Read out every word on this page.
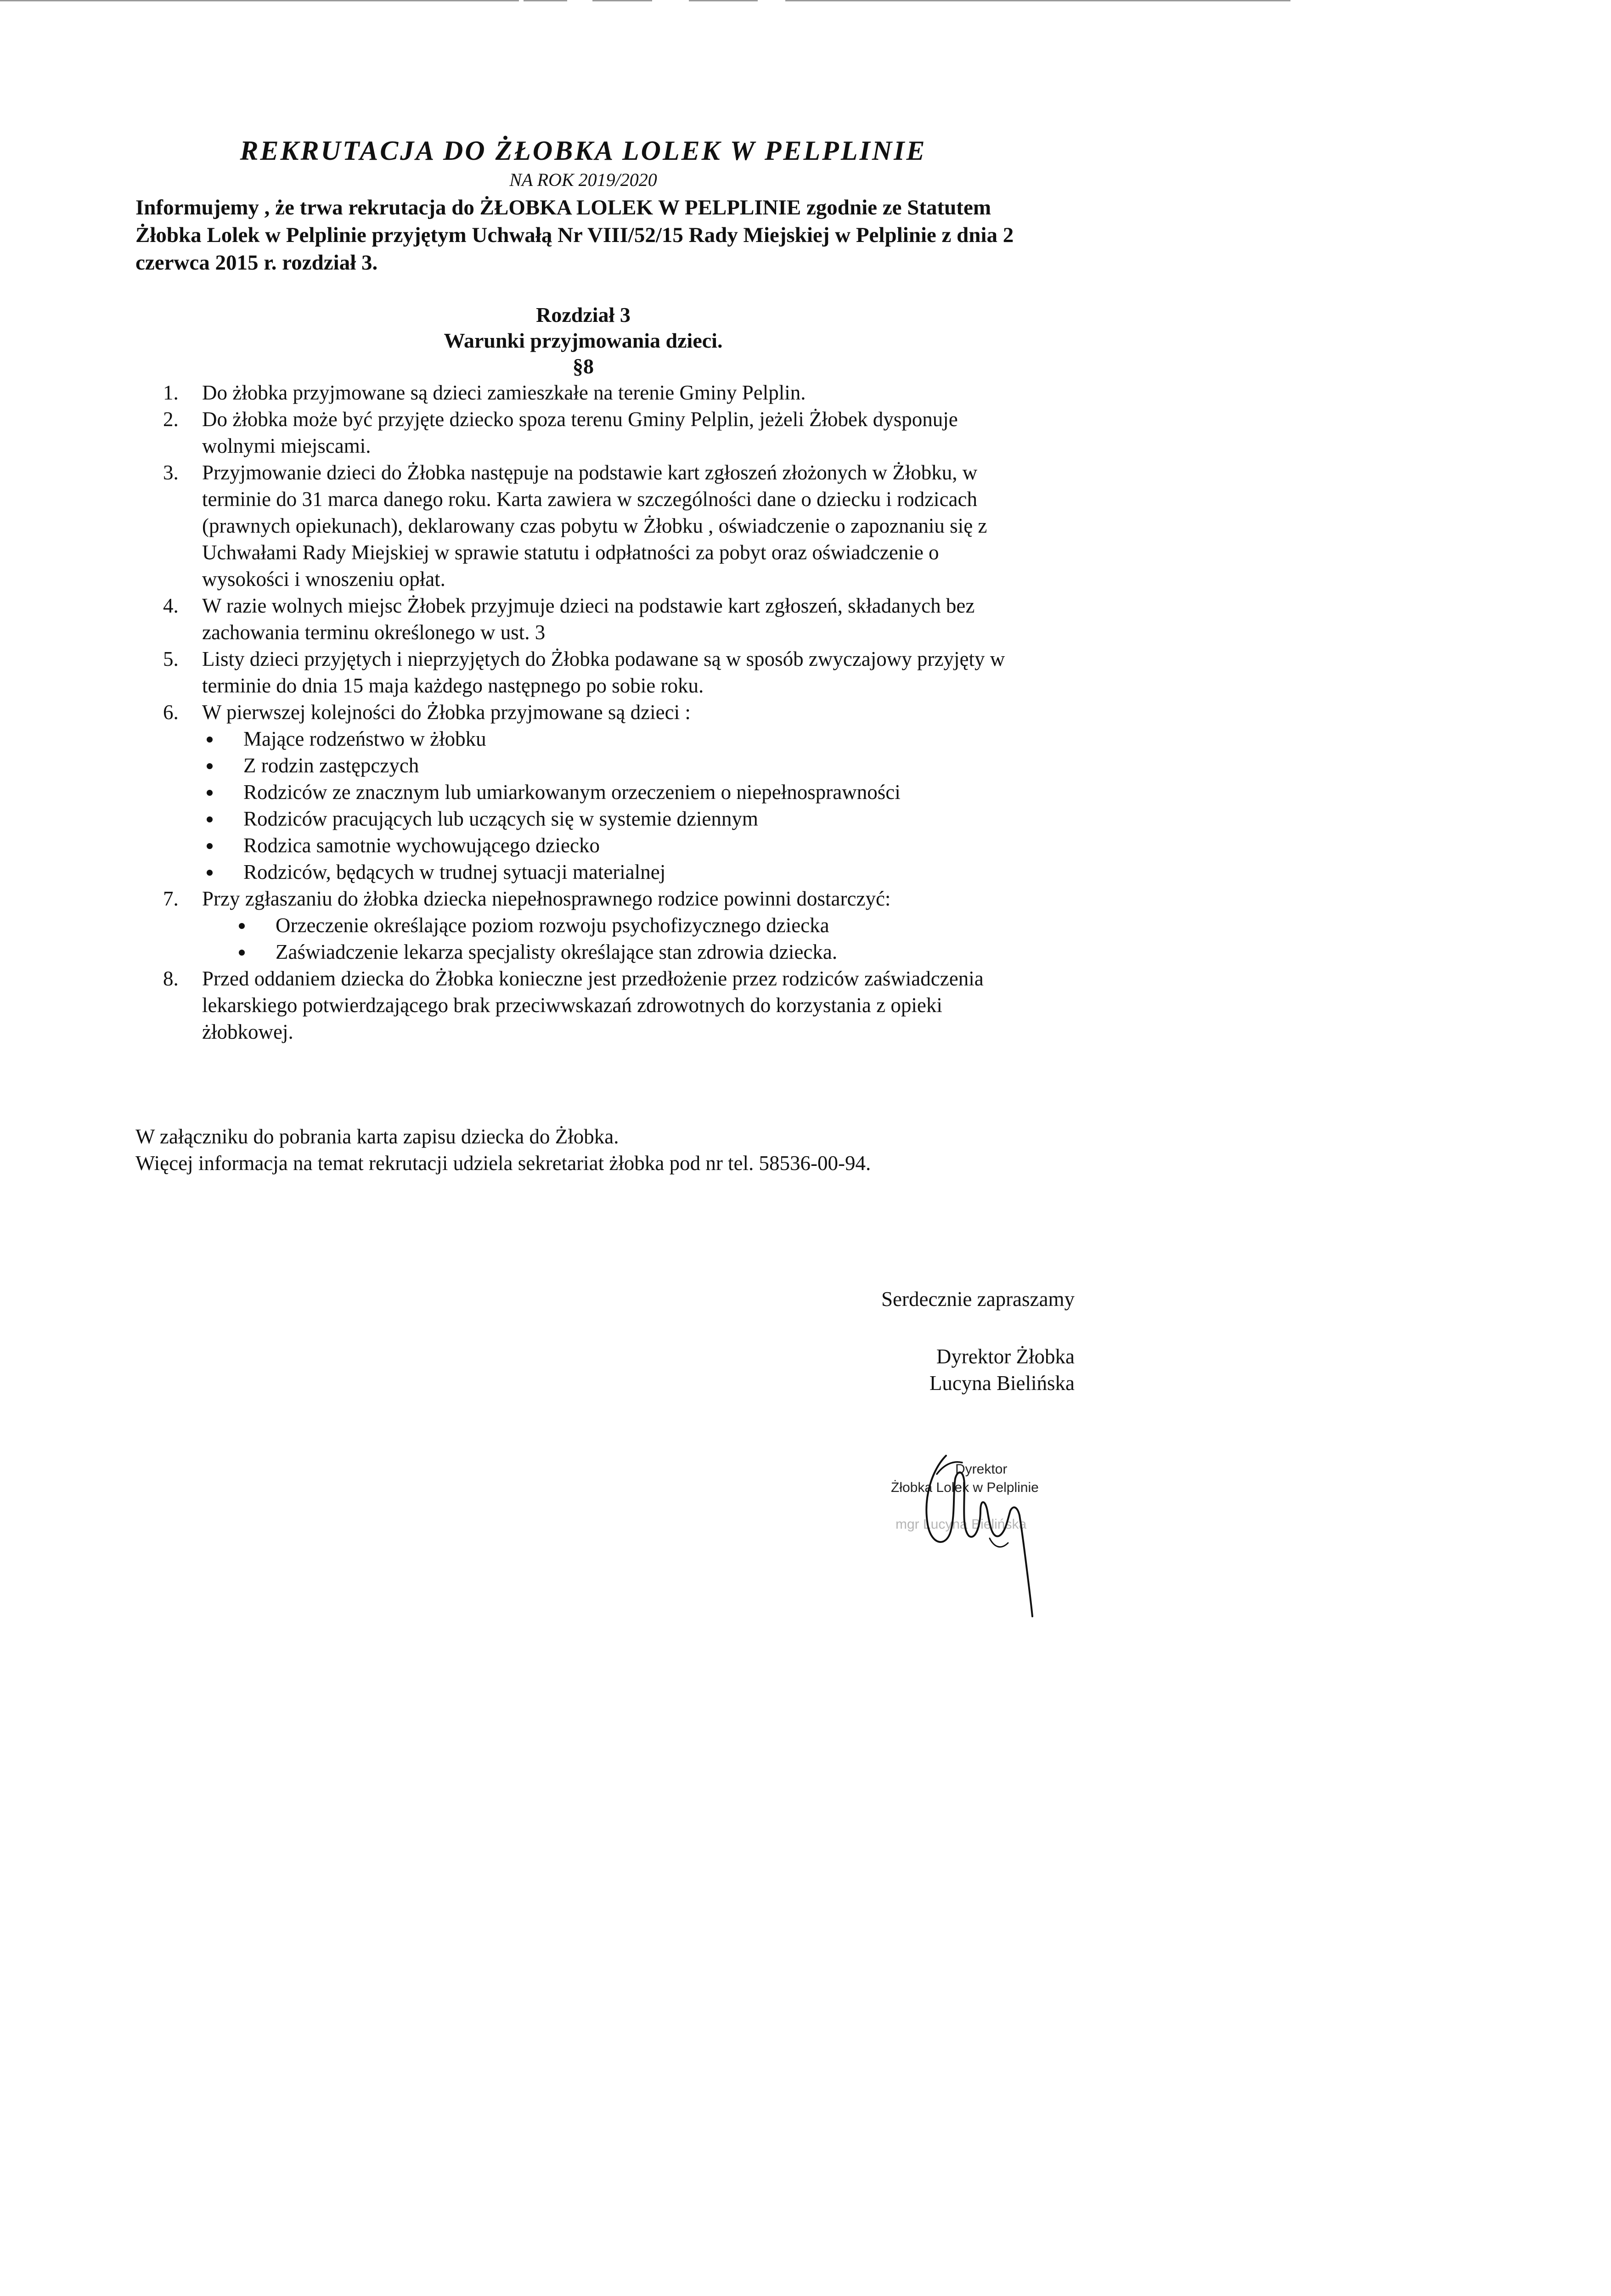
REKRUTACJA DO ŻŁOBKA LOLEK W PELPLINIE
NA ROK 2019/2020

Informujemy , że trwa rekrutacja do ŻŁOBKA LOLEK W PELPLINIE zgodnie ze Statutem Żłobka Lolek w Pelplinie przyjętym Uchwałą Nr VIII/52/15 Rady Miejskiej w Pelplinie z dnia 2 czerwca 2015 r. rozdział 3.

Rozdział 3
Warunki przyjmowania dzieci.
§8
1. Do żłobka przyjmowane są dzieci zamieszkałe na terenie Gminy Pelplin.
2. Do żłobka może być przyjęte dziecko spoza terenu Gminy Pelplin, jeżeli Żłobek dysponuje wolnymi miejscami.
3. Przyjmowanie dzieci do Żłobka następuje na podstawie kart zgłoszeń złożonych w Żłobku, w terminie do 31 marca danego roku. Karta zawiera w szczególności dane o dziecku i rodzicach (prawnych opiekunach), deklarowany czas pobytu w Żłobku , oświadczenie o zapoznaniu się z Uchwałami Rady Miejskiej w sprawie statutu i odpłatności za pobyt oraz oświadczenie o wysokości i wnoszeniu opłat.
4. W razie wolnych miejsc Żłobek przyjmuje dzieci na podstawie kart zgłoszeń, składanych bez zachowania terminu określonego w ust. 3
5. Listy dzieci przyjętych i nieprzyjętych do Żłobka podawane są w sposób zwyczajowy przyjęty w terminie do dnia 15 maja każdego następnego po sobie roku.
6. W pierwszej kolejności do Żłobka przyjmowane są dzieci :
Mające rodzeństwo w żłobku
Z rodzin zastępczych
Rodziców ze znacznym lub umiarkowanym orzeczeniem o niepełnosprawności
Rodziców pracujących lub uczących się w systemie dziennym
Rodzica samotnie wychowującego dziecko
Rodziców, będących w trudnej sytuacji materialnej
7. Przy zgłaszaniu do żłobka dziecka niepełnosprawnego rodzice powinni dostarczyć:
Orzeczenie określające poziom rozwoju psychofizycznego dziecka
Zaświadczenie lekarza specjalisty określające stan zdrowia dziecka.
8. Przed oddaniem dziecka do Żłobka konieczne jest przedłożenie przez rodziców zaświadczenia lekarskiego potwierdzającego brak przeciwwskazań zdrowotnych do korzystania z opieki żłobkowej.
W załączniku do pobrania karta zapisu dziecka do Żłobka.
Więcej informacja na temat rekrutacji udziela sekretariat żłobka pod nr tel. 58536-00-94.
Serdecznie zapraszamy
Dyrektor Żłobka
Lucyna Bielińska
Dyrektor
Żłobka Lolek w Pelplinie
mgr Lucyna Bielińska
